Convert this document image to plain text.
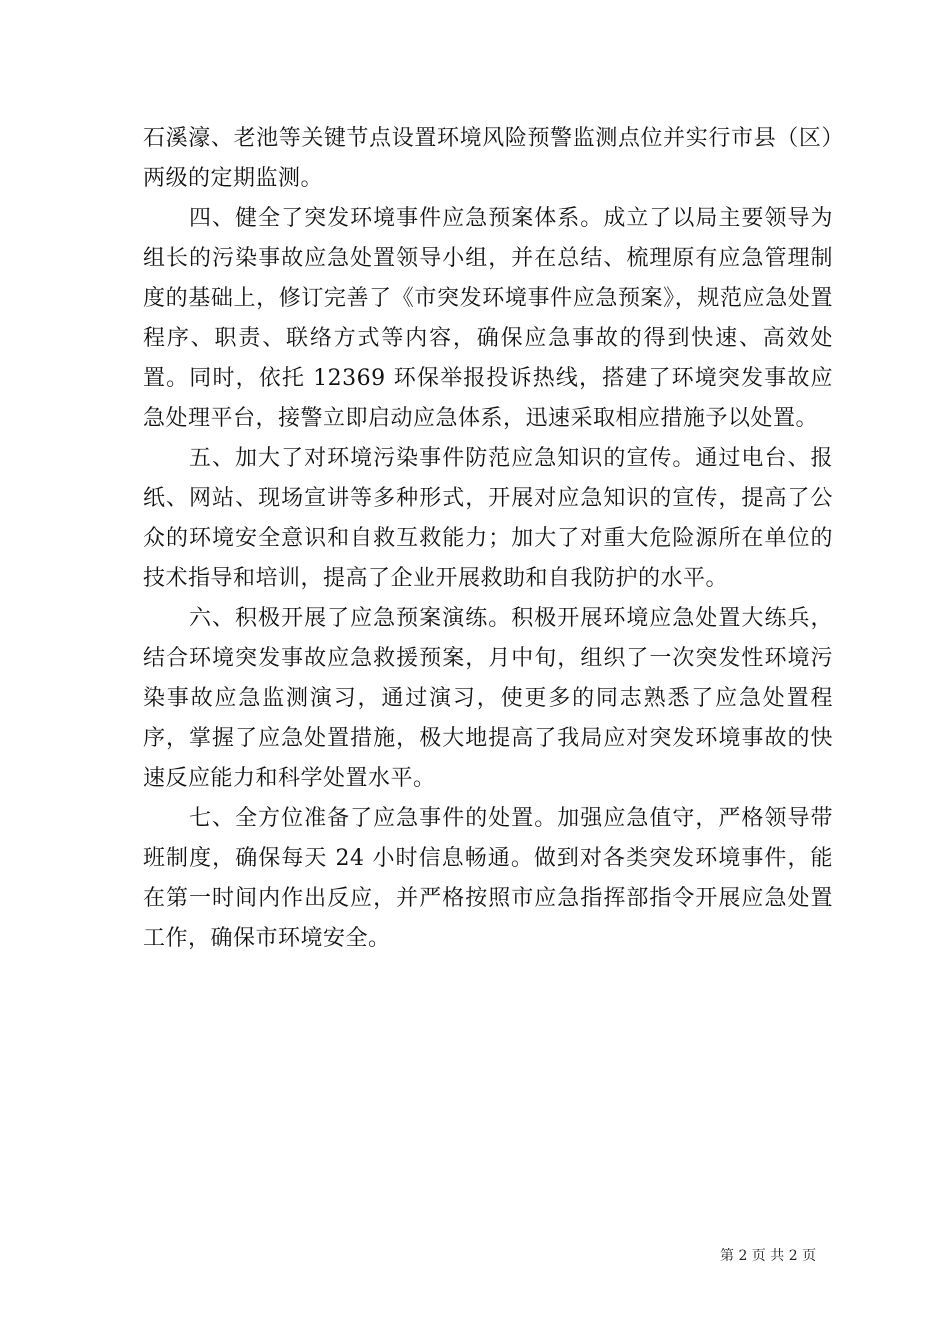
石溪濠、老池等关键节点设置环境风险预警监测点位并实行市县（区）两级的定期监测。

四、健全了突发环境事件应急预案体系。成立了以局主要领导为组长的污染事故应急处置领导小组，并在总结、梳理原有应急管理制度的基础上，修订完善了《市突发环境事件应急预案》，规范应急处置程序、职责、联络方式等内容，确保应急事故的得到快速、高效处置。同时，依托 12369 环保举报投诉热线，搭建了环境突发事故应急处理平台，接警立即启动应急体系，迅速采取相应措施予以处置。

五、加大了对环境污染事件防范应急知识的宣传。通过电台、报纸、网站、现场宣讲等多种形式，开展对应急知识的宣传，提高了公众的环境安全意识和自救互救能力；加大了对重大危险源所在单位的技术指导和培训，提高了企业开展救助和自我防护的水平。

六、积极开展了应急预案演练。积极开展环境应急处置大练兵，结合环境突发事故应急救援预案，月中旬，组织了一次突发性环境污染事故应急监测演习，通过演习，使更多的同志熟悉了应急处置程序，掌握了应急处置措施，极大地提高了我局应对突发环境事故的快速反应能力和科学处置水平。

七、全方位准备了应急事件的处置。加强应急值守，严格领导带班制度，确保每天 24 小时信息畅通。做到对各类突发环境事件，能在第一时间内作出反应，并严格按照市应急指挥部指令开展应急处置工作，确保市环境安全。

第 2 页 共 2 页
